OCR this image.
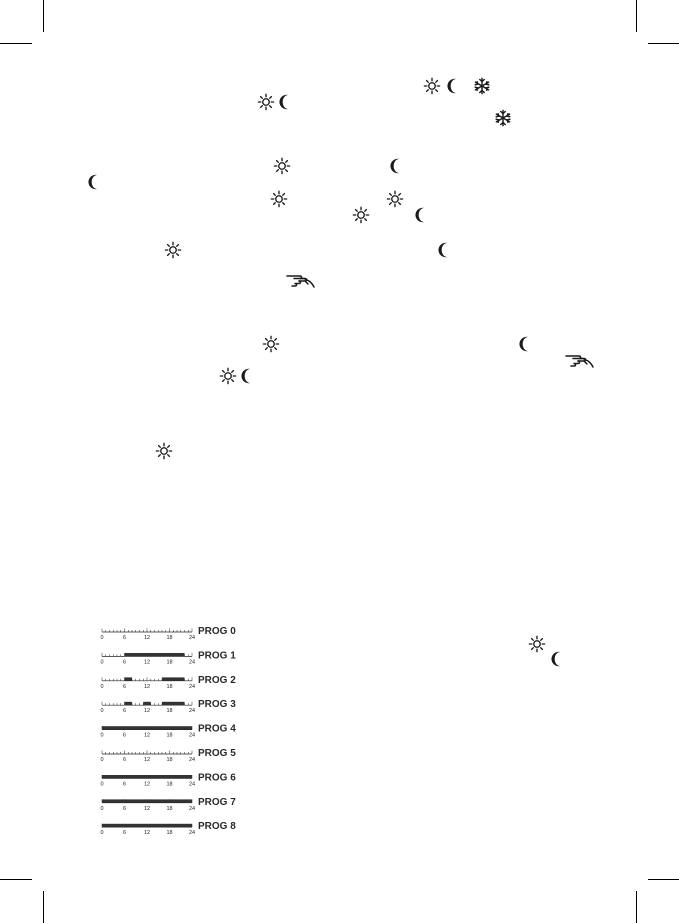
0	6	12	18	24
PROG 0
0	6	12	18	24
PROG 1
0	6	12	18	24
PROG 2
0	6	12	18	24
PROG 3
0	6	12	18	24
PROG 4
0	6	12	18	24
PROG 5
0	6	12	18	24
PROG 6
0	6	12	18	24
PROG 7
0	6	12	18	24
PROG 8
